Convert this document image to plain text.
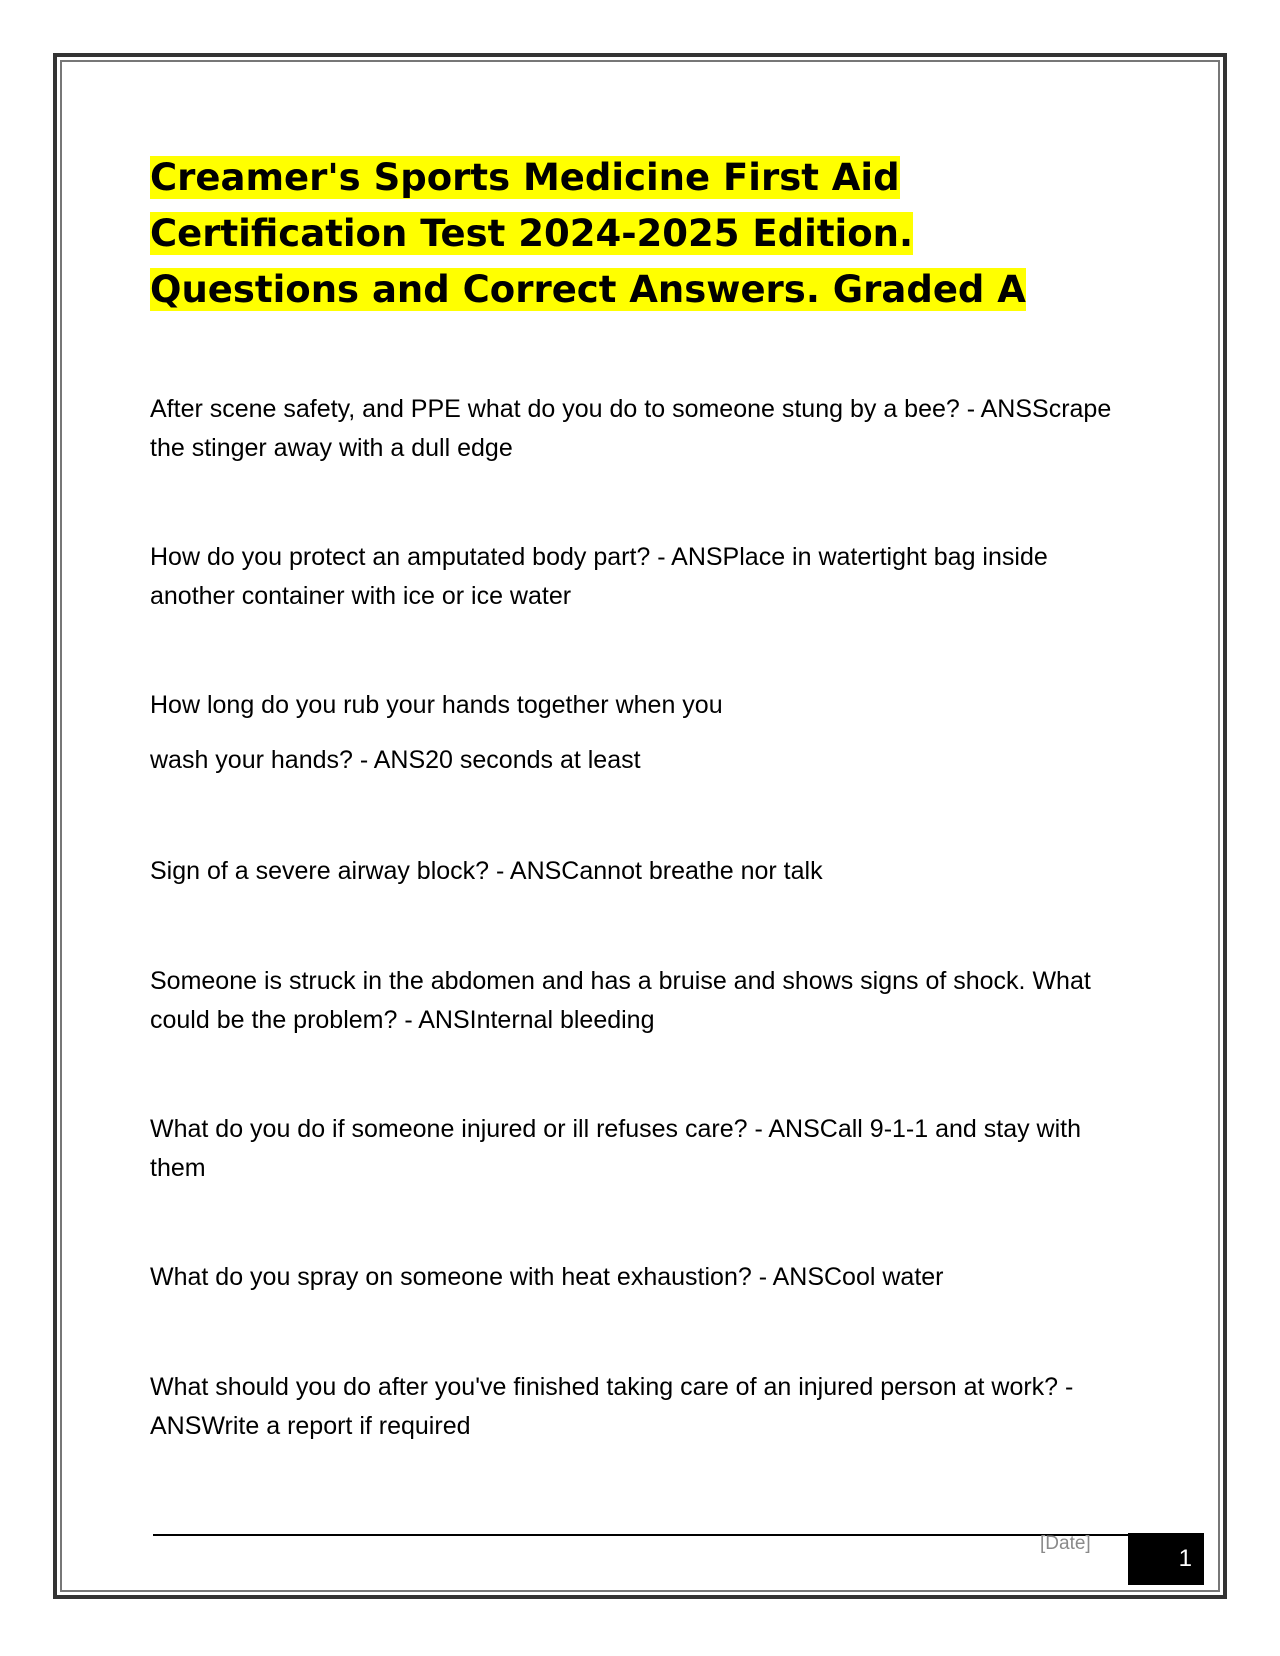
Creamer's Sports Medicine First Aid Certification Test 2024-2025 Edition. Questions and Correct Answers. Graded A

After scene safety, and PPE what do you do to someone stung by a bee? - ANSScrape the stinger away with a dull edge

How do you protect an amputated body part? - ANSPlace in watertight bag inside another container with ice or ice water

How long do you rub your hands together when you

wash your hands? - ANS20 seconds at least

Sign of a severe airway block? - ANSCannot breathe nor talk

Someone is struck in the abdomen and has a bruise and shows signs of shock. What could be the problem? - ANSInternal bleeding

What do you do if someone injured or ill refuses care? - ANSCall 9-1-1 and stay with them

What do you spray on someone with heat exhaustion? - ANSCool water

What should you do after you've finished taking care of an injured person at work? - ANSWrite a report if required

[Date]
1
